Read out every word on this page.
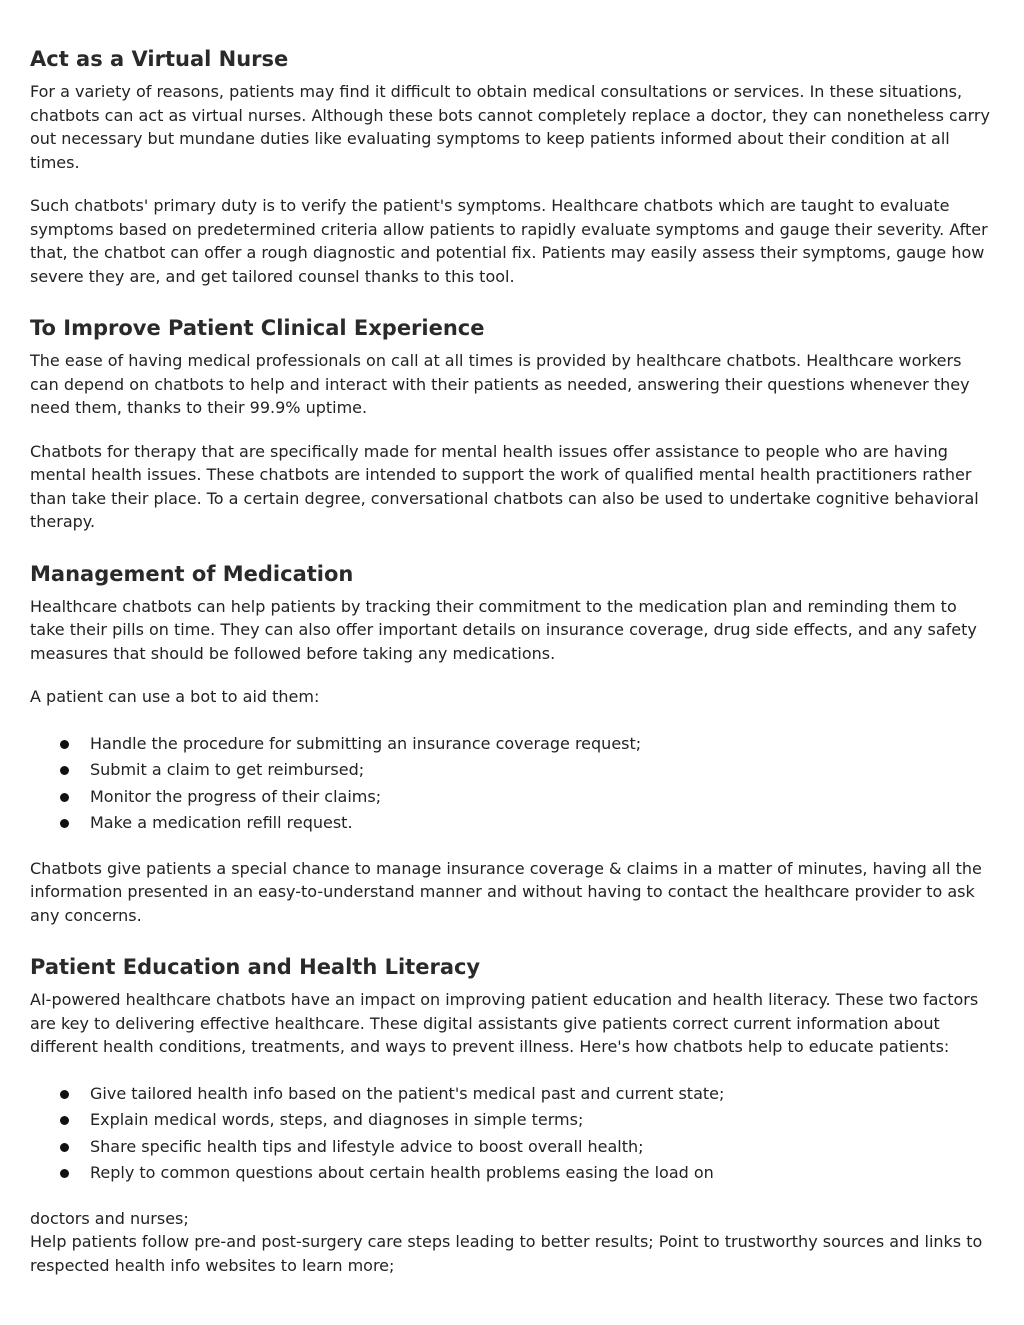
Act as a Virtual Nurse

For a variety of reasons, patients may find it difficult to obtain medical consultations or services. In these situations, chatbots can act as virtual nurses. Although these bots cannot completely replace a doctor, they can nonetheless carry out necessary but mundane duties like evaluating symptoms to keep patients informed about their condition at all times.

Such chatbots' primary duty is to verify the patient's symptoms. Healthcare chatbots which are taught to evaluate symptoms based on predetermined criteria allow patients to rapidly evaluate symptoms and gauge their severity. After that, the chatbot can offer a rough diagnostic and potential fix. Patients may easily assess their symptoms, gauge how severe they are, and get tailored counsel thanks to this tool.

To Improve Patient Clinical Experience

The ease of having medical professionals on call at all times is provided by healthcare chatbots. Healthcare workers can depend on chatbots to help and interact with their patients as needed, answering their questions whenever they need them, thanks to their 99.9% uptime.

Chatbots for therapy that are specifically made for mental health issues offer assistance to people who are having mental health issues. These chatbots are intended to support the work of qualified mental health practitioners rather than take their place. To a certain degree, conversational chatbots can also be used to undertake cognitive behavioral therapy.

Management of Medication

Healthcare chatbots can help patients by tracking their commitment to the medication plan and reminding them to take their pills on time. They can also offer important details on insurance coverage, drug side effects, and any safety measures that should be followed before taking any medications.

A patient can use a bot to aid them:

Handle the procedure for submitting an insurance coverage request;
Submit a claim to get reimbursed;
Monitor the progress of their claims;
Make a medication refill request.

Chatbots give patients a special chance to manage insurance coverage & claims in a matter of minutes, having all the information presented in an easy-to-understand manner and without having to contact the healthcare provider to ask any concerns.

Patient Education and Health Literacy

AI-powered healthcare chatbots have an impact on improving patient education and health literacy. These two factors are key to delivering effective healthcare. These digital assistants give patients correct current information about different health conditions, treatments, and ways to prevent illness. Here's how chatbots help to educate patients:

Give tailored health info based on the patient's medical past and current state;
Explain medical words, steps, and diagnoses in simple terms;
Share specific health tips and lifestyle advice to boost overall health;
Reply to common questions about certain health problems easing the load on

doctors and nurses;
Help patients follow pre-and post-surgery care steps leading to better results; Point to trustworthy sources and links to respected health info websites to learn more;
